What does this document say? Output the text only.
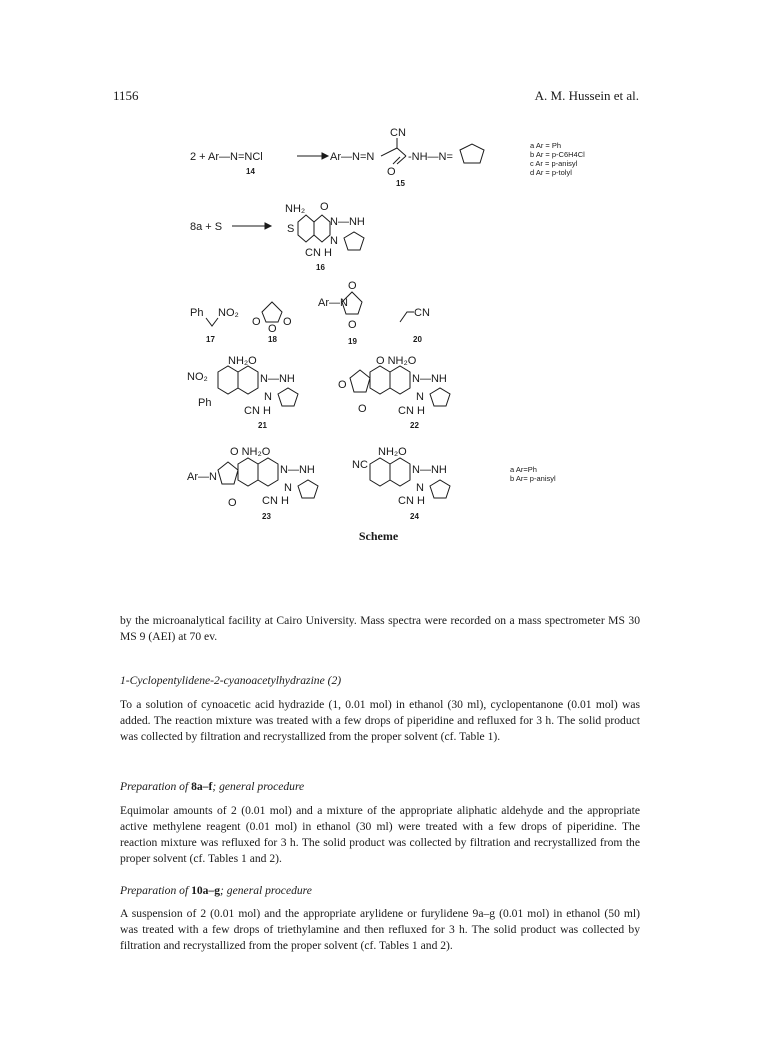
1156	A. M. Hussein et al.
2 + Ar—N=NCl
14
Ar—N=N
CN
O
-NH—N=
15
a Ar = Ph
b Ar = p-C6H4Cl
c Ar = p-anisyl
d Ar = p-tolyl
8a + S
NH₂ O
S
N—NH
N
CN H
16
Ph NO₂
17
O
O
O
18
Ar—N
O
O
19
CN
20
NH₂O
NO₂
Ph
N—NH
N
CN H
21
O NH₂O
O	N—NH
N
O	CN H
22
O NH₂O
Ar—N
N—NH
N
O CN H
23
NH₂O
NC	N—NH
N
CN H
24
a Ar=Ph
b Ar= p-anisyl
Scheme

by the microanalytical facility at Cairo University. Mass spectra were recorded on a mass spectrometer MS 30 MS 9 (AEI) at 70 ev.

1-Cyclopentylidene-2-cyanoacetylhydrazine (2)

To a solution of cynoacetic acid hydrazide (1, 0.01 mol) in ethanol (30 ml), cyclopentanone (0.01 mol) was added. The reaction mixture was treated with a few drops of piperidine and refluxed for 3 h. The solid product was collected by filtration and recrystallized from the proper solvent (cf. Table 1).

Preparation of 8a–f; general procedure

Equimolar amounts of 2 (0.01 mol) and a mixture of the appropriate aliphatic aldehyde and the appropriate active methylene reagent (0.01 mol) in ethanol (30 ml) were treated with a few drops of piperidine. The reaction mixture was refluxed for 3 h. The solid product was collected by filtration and recrystallized from the proper solvent (cf. Tables 1 and 2).

Preparation of 10a–g; general procedure

A suspension of 2 (0.01 mol) and the appropriate arylidene or furylidene 9a–g (0.01 mol) in ethanol (50 ml) was treated with a few drops of triethylamine and then refluxed for 3 h. The solid product was collected by filtration and recrystallized from the proper solvent (cf. Tables 1 and 2).
